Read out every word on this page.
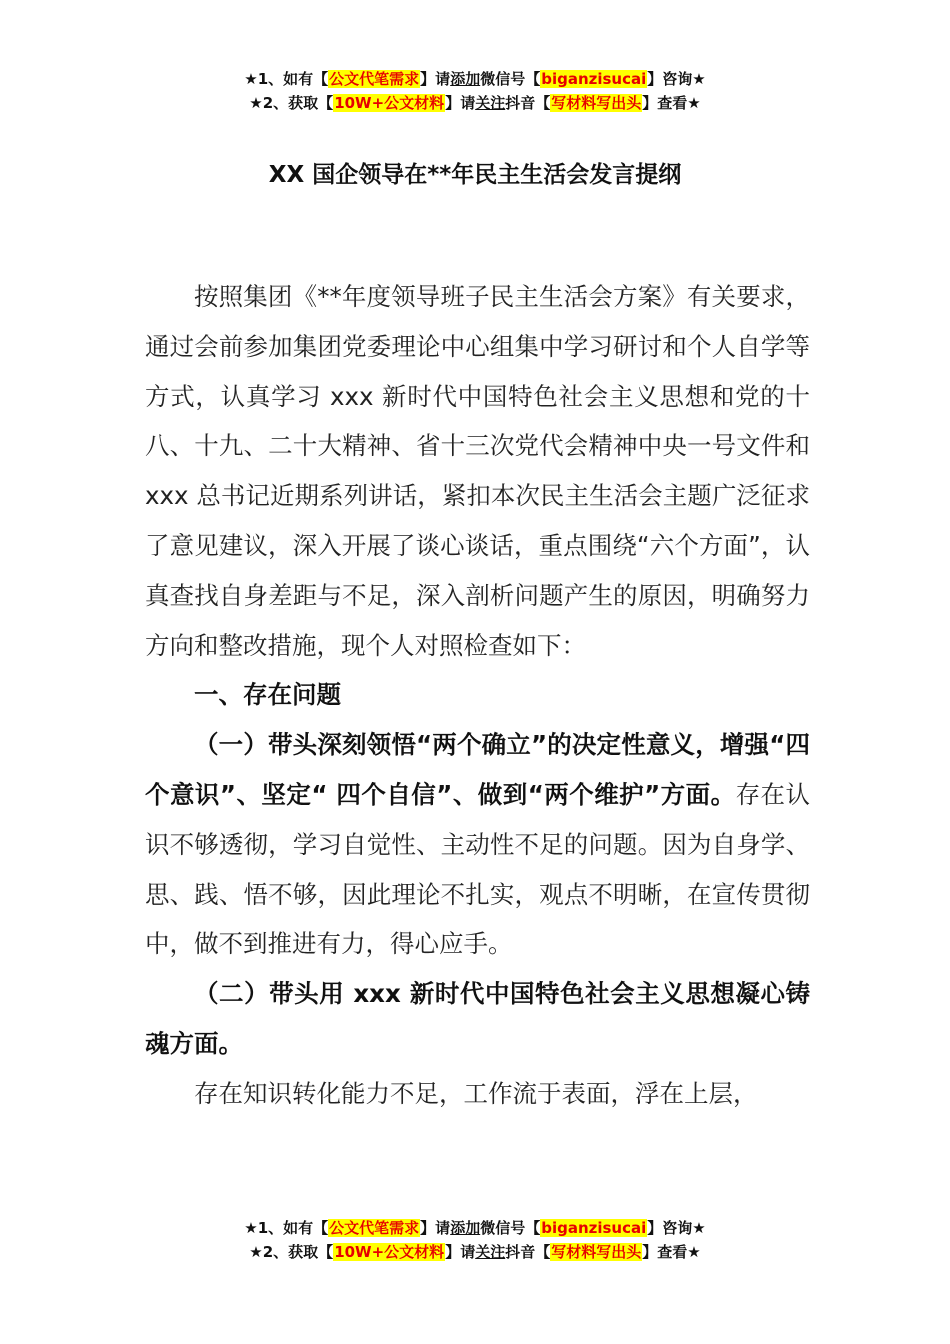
★1、如有【公文代笔需求】请添加微信号【biganzisucai】咨询★
★2、获取【10W+公文材料】请关注抖音【写材料写出头】查看★
XX 国企领导在**年民主生活会发言提纲

按照集团《**年度领导班子民主生活会方案》有关要求，通过会前参加集团党委理论中心组集中学习研讨和个人自学等方式，认真学习 xxx 新时代中国特色社会主义思想和党的十八、十九、二十大精神、省十三次党代会精神中央一号文件和 xxx 总书记近期系列讲话，紧扣本次民主生活会主题广泛征求了意见建议，深入开展了谈心谈话，重点围绕“六个方面”，认真查找自身差距与不足，深入剖析问题产生的原因，明确努力方向和整改措施，现个人对照检查如下：

一、存在问题

（一）带头深刻领悟“两个确立”的决定性意义，增强“四个意识”、坚定“ 四个自信”、做到“两个维护”方面。存在认识不够透彻，学习自觉性、主动性不足的问题。因为自身学、思、践、悟不够，因此理论不扎实，观点不明晰，在宣传贯彻中，做不到推进有力，得心应手。

（二）带头用 xxx 新时代中国特色社会主义思想凝心铸魂方面。

存在知识转化能力不足，工作流于表面，浮在上层，

★1、如有【公文代笔需求】请添加微信号【biganzisucai】咨询★
★2、获取【10W+公文材料】请关注抖音【写材料写出头】查看★
